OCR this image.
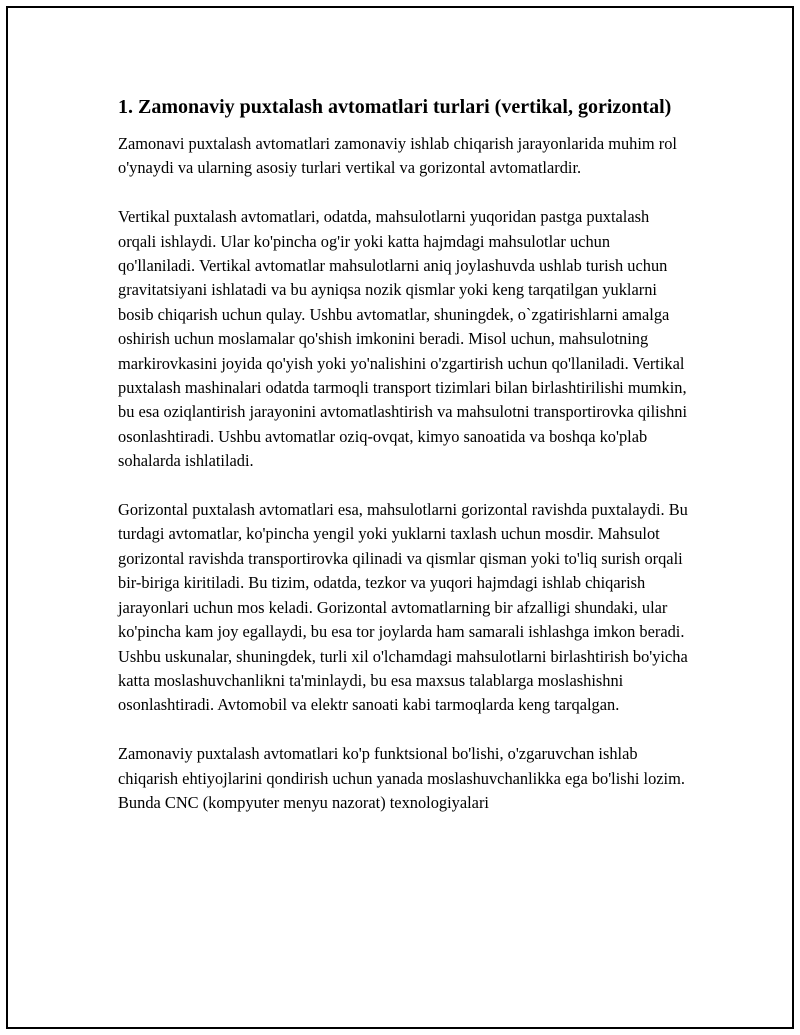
1. Zamonaviy puxtalash avtomatlari turlari (vertikal, gorizontal)

Zamonavi puxtalash avtomatlari zamonaviy ishlab chiqarish jarayonlarida muhim rol o'ynaydi va ularning asosiy turlari vertikal va gorizontal avtomatlardir.

Vertikal puxtalash avtomatlari, odatda, mahsulotlarni yuqoridan pastga puxtalash orqali ishlaydi. Ular ko'pincha og'ir yoki katta hajmdagi mahsulotlar uchun qo'llaniladi. Vertikal avtomatlar mahsulotlarni aniq joylashuvda ushlab turish uchun gravitatsiyani ishlatadi va bu ayniqsa nozik qismlar yoki keng tarqatilgan yuklarni bosib chiqarish uchun qulay. Ushbu avtomatlar, shuningdek, o`zgatirishlarni amalga oshirish uchun moslamalar qo'shish imkonini beradi. Misol uchun, mahsulotning markirovkasini joyida qo'yish yoki yo'nalishini o'zgartirish uchun qo'llaniladi. Vertikal puxtalash mashinalari odatda tarmoqli transport tizimlari bilan birlashtirilishi mumkin, bu esa oziqlantirish jarayonini avtomatlashtirish va mahsulotni transportirovka qilishni osonlashtiradi. Ushbu avtomatlar oziq-ovqat, kimyo sanoatida va boshqa ko'plab sohalarda ishlatiladi.

Gorizontal puxtalash avtomatlari esa, mahsulotlarni gorizontal ravishda puxtalaydi. Bu turdagi avtomatlar, ko'pincha yengil yoki yuklarni taxlash uchun mosdir. Mahsulot gorizontal ravishda transportirovka qilinadi va qismlar qisman yoki to'liq surish orqali bir-biriga kiritiladi. Bu tizim, odatda, tezkor va yuqori hajmdagi ishlab chiqarish jarayonlari uchun mos keladi. Gorizontal avtomatlarning bir afzalligi shundaki, ular ko'pincha kam joy egallaydi, bu esa tor joylarda ham samarali ishlashga imkon beradi. Ushbu uskunalar, shuningdek, turli xil o'lchamdagi mahsulotlarni birlashtirish bo'yicha katta moslashuvchanlikni ta'minlaydi, bu esa maxsus talablarga moslashishni osonlashtiradi. Avtomobil va elektr sanoati kabi tarmoqlarda keng tarqalgan.

Zamonaviy puxtalash avtomatlari ko'p funktsional bo'lishi, o'zgaruvchan ishlab chiqarish ehtiyojlarini qondirish uchun yanada moslashuvchanlikka ega bo'lishi lozim. Bunda CNC (kompyuter menyu nazorat) texnologiyalari
